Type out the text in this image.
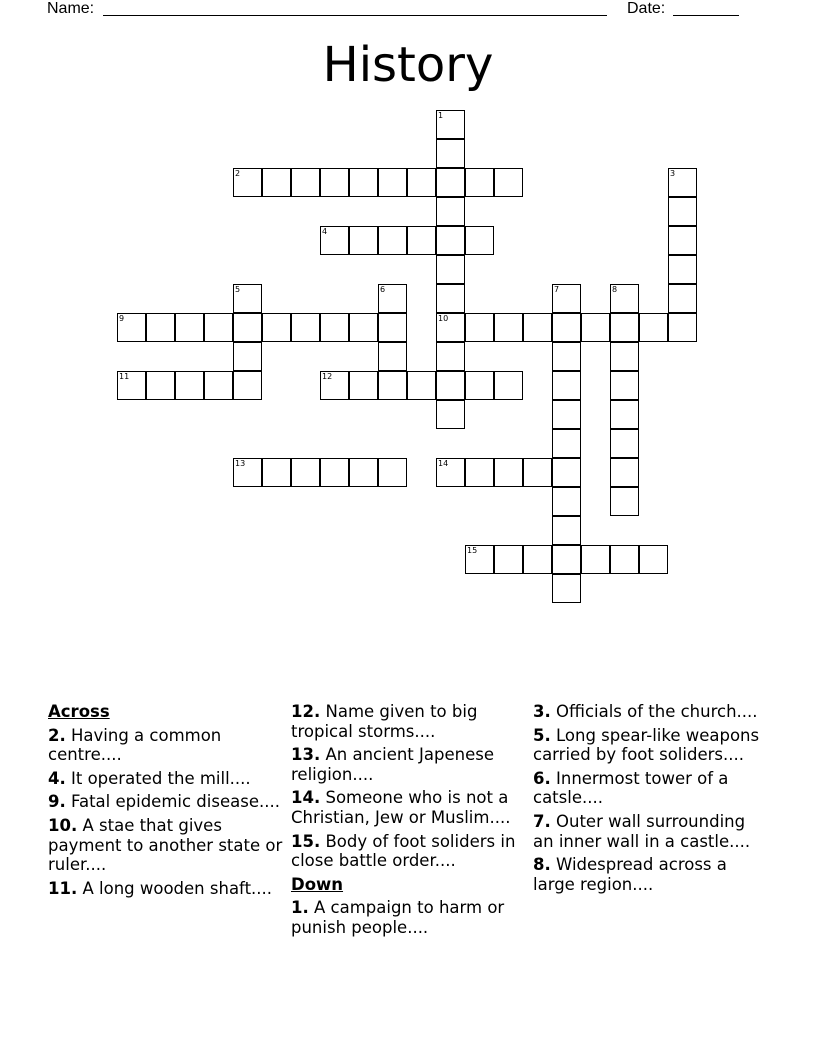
Name:	Date:
History
1
2	3
4
5	6	7	8
9	10
11	12
13	14
15
Across
2. Having a common centre....
4. It operated the mill....
9. Fatal epidemic disease....
10. A stae that gives payment to another state or ruler....
11. A long wooden shaft....
12. Name given to big tropical storms....
13. An ancient Japenese religion....
14. Someone who is not a Christian, Jew or Muslim....
15. Body of foot soliders in close battle order....
Down
1. A campaign to harm or punish people....
3. Officials of the church....
5. Long spear-like weapons carried by foot soliders....
6. Innermost tower of a catsle....
7. Outer wall surrounding an inner wall in a castle....
8. Widespread across a large region....
